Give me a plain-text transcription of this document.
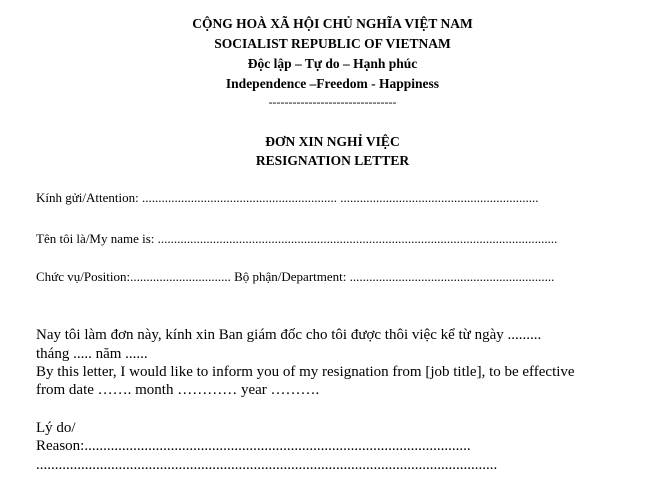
CỘNG HOÀ XÃ HỘI CHỦ NGHĨA VIỆT NAM
SOCIALIST REPUBLIC OF VIETNAM
Độc lập – Tự do – Hạnh phúc
Independence –Freedom - Happiness
--------------------------------
ĐƠN XIN NGHỈ VIỆC
RESIGNATION LETTER
Kính gửi/Attention: ............................................................ .............................................................
Tên tôi là/My name is: ...........................................................................................................................
Chức vụ/Position:............................... Bộ phận/Department: ...............................................................
Nay tôi làm đơn này, kính xin Ban giám đốc cho tôi được thôi việc kể từ ngày .........
tháng ..... năm ......
By this letter, I would like to inform you of my resignation from [job title], to be effective
from date ……. month ………… year ……….
Lý do/
Reason:.......................................................................................................
...........................................................................................................................
